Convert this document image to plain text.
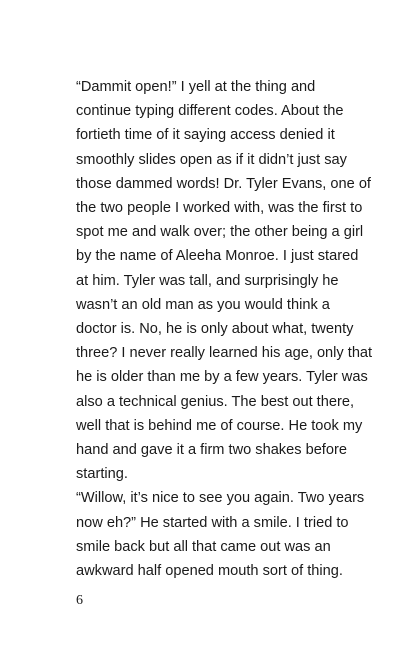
“Dammit open!” I yell at the thing and
continue typing different codes. About the
fortieth time of it saying access denied it
smoothly slides open as if it didn’t just say
those dammed words! Dr. Tyler Evans, one of
the two people I worked with, was the first to
spot me and walk over; the other being a girl
by the name of Aleeha Monroe. I just stared
at him. Tyler was tall, and surprisingly he
wasn’t an old man as you would think a
doctor is. No, he is only about what, twenty
three? I never really learned his age, only that
he is older than me by a few years. Tyler was
also a technical genius. The best out there,
well that is behind me of course. He took my
hand and gave it a firm two shakes before
starting.
“Willow, it’s nice to see you again. Two years
now eh?” He started with a smile. I tried to
smile back but all that came out was an
awkward half opened mouth sort of thing.
6
